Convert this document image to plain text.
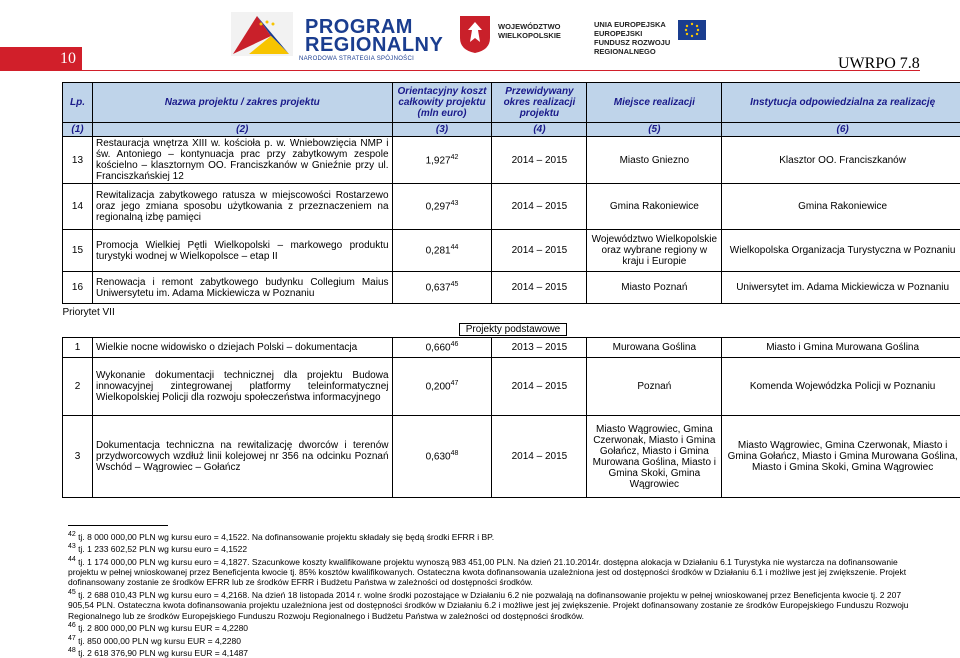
10	UWRPO 7.8
PROGRAM REGIONALNY
NARODOWA STRATEGIA SPÓJNOŚCI
WOJEWÓDZTWO WIELKOPOLSKIE
UNIA EUROPEJSKA EUROPEJSKI FUNDUSZ ROZWOJU REGIONALNEGO
Lp.	Nazwa projektu / zakres projektu	Orientacyjny koszt całkowity projektu (mln euro)	Przewidywany okres realizacji projektu	Miejsce realizacji	Instytucja odpowiedzialna za realizację
(1)	(2)	(3)	(4)	(5)	(6)
13	Restauracja wnętrza XIII w. kościoła p. w. Wniebowzięcia NMP i św. Antoniego – kontynuacja prac przy zabytkowym zespole kościelno – klasztornym OO. Franciszkanów w Gnieźnie przy ul. Franciszkańskiej 12	1,927$^{42}$	2014 – 2015	Miasto Gniezno	Klasztor OO. Franciszkanów
14	Rewitalizacja zabytkowego ratusza w miejscowości Rostarzewo oraz jego zmiana sposobu użytkowania z przeznaczeniem na regionalną izbę pamięci	0,297$^{43}$	2014 – 2015	Gmina Rakoniewice	Gmina Rakoniewice
15	Promocja Wielkiej Pętli Wielkopolski – markowego produktu turystyki wodnej w Wielkopolsce – etap II	0,281$^{44}$	2014 – 2015	Województwo Wielkopolskie oraz wybrane regiony w kraju i Europie	Wielkopolska Organizacja Turystyczna w Poznaniu
16	Renowacja i remont zabytkowego budynku Collegium Maius Uniwersytetu im. Adama Mickiewicza w Poznaniu	0,637$^{45}$	2014 – 2015	Miasto Poznań	Uniwersytet im. Adama Mickiewicza w Poznaniu
Priorytet VII					
Projekty podstawowe					
1	Wielkie nocne widowisko o dziejach Polski – dokumentacja	0,660$^{46}$	2013 – 2015	Murowana Goślina	Miasto i Gmina Murowana Goślina
2	Wykonanie dokumentacji technicznej dla projektu Budowa innowacyjnej zintegrowanej platformy teleinformatycznej Wielkopolskiej Policji dla rozwoju społeczeństwa informacyjnego	0,200$^{47}$	2014 – 2015	Poznań	Komenda Wojewódzka Policji w Poznaniu
3	Dokumentacja techniczna na rewitalizację dworców i terenów przydworcowych wzdłuż linii kolejowej nr 356 na odcinku Poznań Wschód – Wągrowiec – Gołańcz	0,630$^{48}$	2014 – 2015	Miasto Wągrowiec, Gmina Czerwonak, Miasto i Gmina Gołańcz, Miasto i Gmina Murowana Goślina, Miasto i Gmina Skoki, Gmina Wągrowiec	Miasto Wągrowiec, Gmina Czerwonak, Miasto i Gmina Gołańcz, Miasto i Gmina Murowana Goślina, Miasto i Gmina Skoki, Gmina Wągrowiec

$^{42}$ tj. 8 000 000,00 PLN wg kursu euro = 4,1522. Na dofinansowanie projektu składały się będą środki EFRR i BP.

$^{43}$ tj. 1 233 602,52 PLN wg kursu euro = 4,1522

$^{44}$ tj. 1 174 000,00 PLN wg kursu euro = 4,1827. Szacunkowe koszty kwalifikowane projektu wynoszą 983 451,00 PLN. Na dzień 21.10.2014r. dostępna alokacja w Działaniu 6.1 Turystyka nie wystarcza na dofinansowanie projektu w pełnej wnioskowanej przez Beneficjenta kwocie tj. 85% kosztów kwalifikowanych. Ostateczna kwota dofinansowania uzależniona jest od dostępności środków w Działaniu 6.1 i możliwe jest jej zwiększenie. Projekt dofinansowany zostanie ze środków EFRR lub ze środków EFRR i Budżetu Państwa w zależności od dostępności środków.

$^{45}$ tj. 2 688 010,43 PLN wg kursu euro = 4,2168. Na dzień 18 listopada 2014 r. wolne środki pozostające w Działaniu 6.2 nie pozwalają na dofinansowanie projektu w pełnej wnioskowanej przez Beneficjenta kwocie tj. 2 207 905,54 PLN. Ostateczna kwota dofinansowania projektu uzależniona jest od dostępności środków w Działaniu 6.2 i możliwe jest jej zwiększenie. Projekt dofinansowany zostanie ze środków Europejskiego Funduszu Rozwoju Regionalnego lub ze środków Europejskiego Funduszu Rozwoju Regionalnego i Budżetu Państwa w zależności od dostępności środków.

$^{46}$ tj. 2 800 000,00 PLN wg kursu EUR = 4,2280

$^{47}$ tj. 850 000,00 PLN wg kursu EUR = 4,2280

$^{48}$ tj. 2 618 376,90 PLN wg kursu EUR = 4,1487
